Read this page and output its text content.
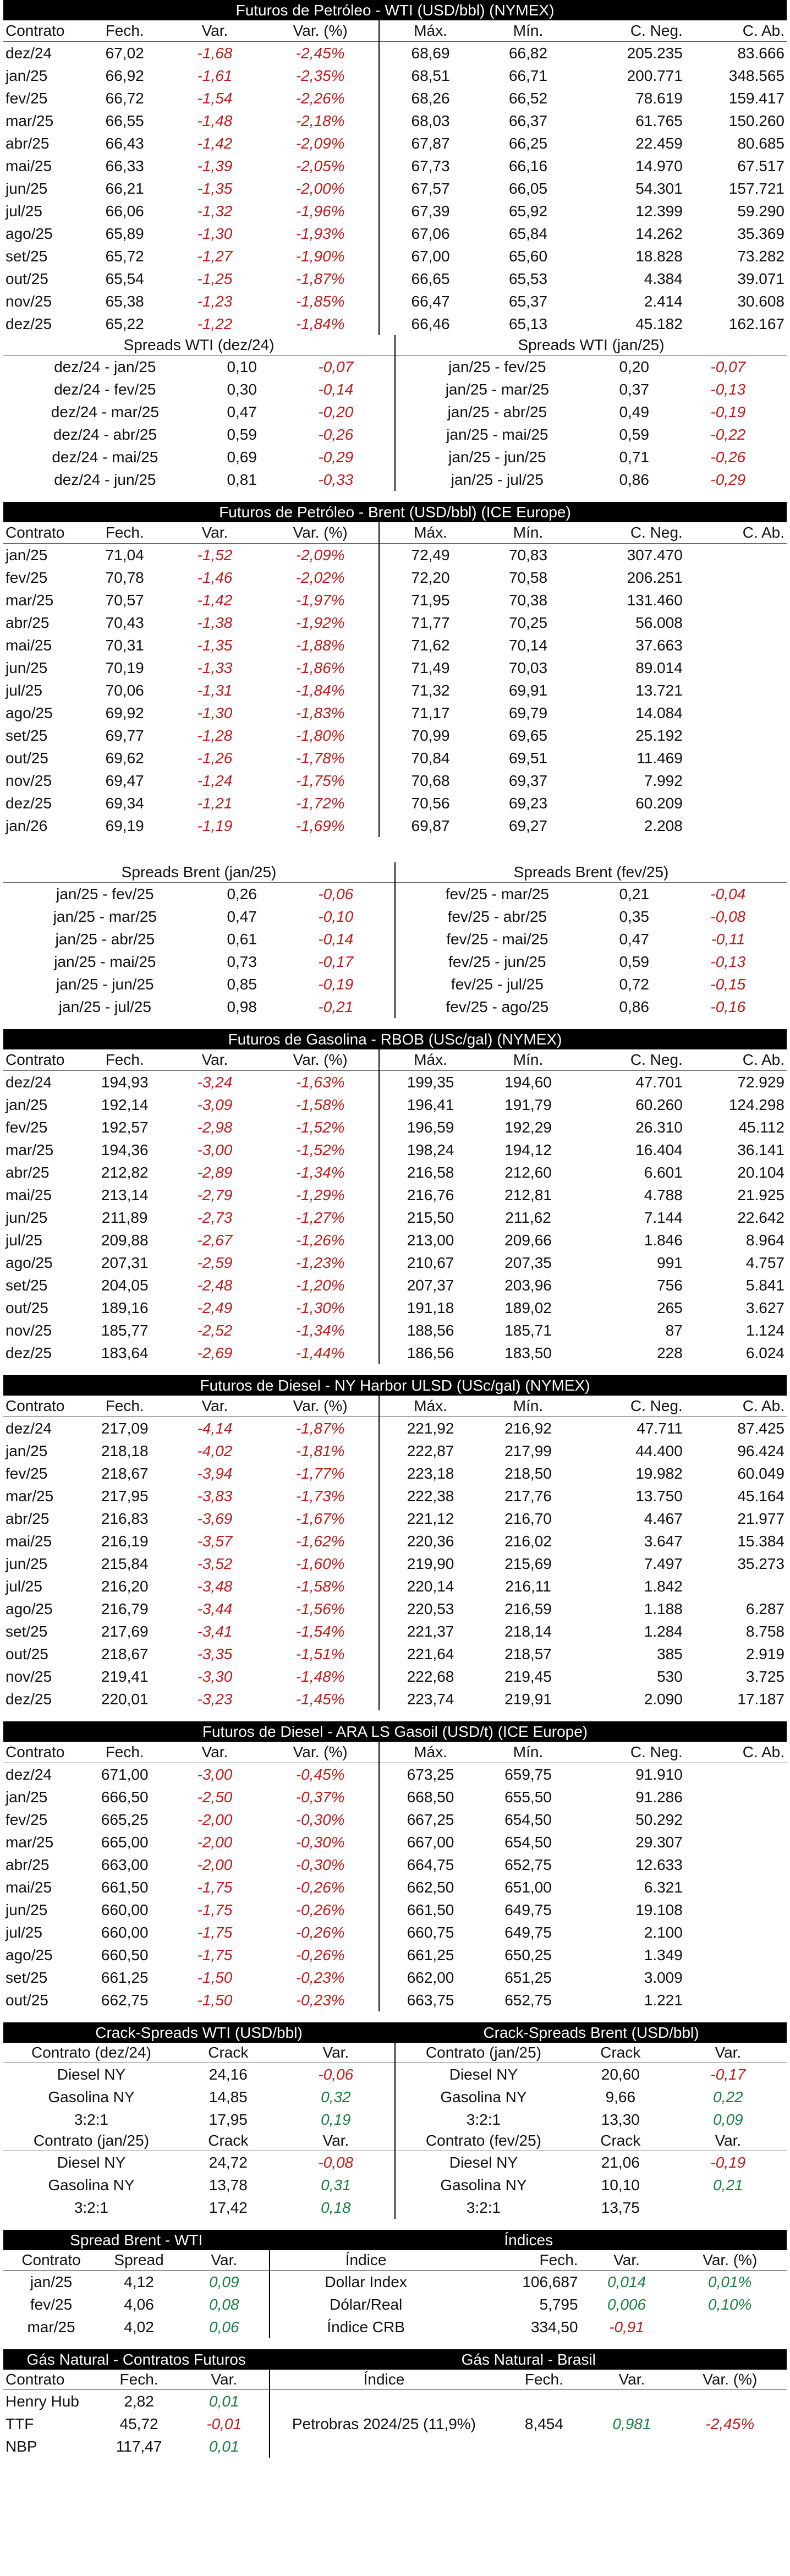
Futuros de Petróleo - WTI (USD/bbl) (NYMEX)
Contrato	Fech.	Var.	Var. (%)	Máx.	Mín.	C. Neg.	C. Ab.
dez/24	67,02	-1,68	-2,45%	68,69	66,82	205.235	83.666
jan/25	66,92	-1,61	-2,35%	68,51	66,71	200.771	348.565
fev/25	66,72	-1,54	-2,26%	68,26	66,52	78.619	159.417
mar/25	66,55	-1,48	-2,18%	68,03	66,37	61.765	150.260
abr/25	66,43	-1,42	-2,09%	67,87	66,25	22.459	80.685
mai/25	66,33	-1,39	-2,05%	67,73	66,16	14.970	67.517
jun/25	66,21	-1,35	-2,00%	67,57	66,05	54.301	157.721
jul/25	66,06	-1,32	-1,96%	67,39	65,92	12.399	59.290
ago/25	65,89	-1,30	-1,93%	67,06	65,84	14.262	35.369
set/25	65,72	-1,27	-1,90%	67,00	65,60	18.828	73.282
out/25	65,54	-1,25	-1,87%	66,65	65,53	4.384	39.071
nov/25	65,38	-1,23	-1,85%	66,47	65,37	2.414	30.608
dez/25	65,22	-1,22	-1,84%	66,46	65,13	45.182	162.167
Spreads WTI (dez/24)
dez/24 - jan/25	0,10	-0,07
dez/24 - fev/25	0,30	-0,14
dez/24 - mar/25	0,47	-0,20
dez/24 - abr/25	0,59	-0,26
dez/24 - mai/25	0,69	-0,29
dez/24 - jun/25	0,81	-0,33
Spreads WTI (jan/25)
jan/25 - fev/25	0,20	-0,07
jan/25 - mar/25	0,37	-0,13
jan/25 - abr/25	0,49	-0,19
jan/25 - mai/25	0,59	-0,22
jan/25 - jun/25	0,71	-0,26
jan/25 - jul/25	0,86	-0,29
Futuros de Petróleo - Brent (USD/bbl) (ICE Europe)
Contrato	Fech.	Var.	Var. (%)	Máx.	Mín.	C. Neg.	C. Ab.
jan/25	71,04	-1,52	-2,09%	72,49	70,83	307.470	
fev/25	70,78	-1,46	-2,02%	72,20	70,58	206.251	
mar/25	70,57	-1,42	-1,97%	71,95	70,38	131.460	
abr/25	70,43	-1,38	-1,92%	71,77	70,25	56.008	
mai/25	70,31	-1,35	-1,88%	71,62	70,14	37.663	
jun/25	70,19	-1,33	-1,86%	71,49	70,03	89.014	
jul/25	70,06	-1,31	-1,84%	71,32	69,91	13.721	
ago/25	69,92	-1,30	-1,83%	71,17	69,79	14.084	
set/25	69,77	-1,28	-1,80%	70,99	69,65	25.192	
out/25	69,62	-1,26	-1,78%	70,84	69,51	11.469	
nov/25	69,47	-1,24	-1,75%	70,68	69,37	7.992	
dez/25	69,34	-1,21	-1,72%	70,56	69,23	60.209	
jan/26	69,19	-1,19	-1,69%	69,87	69,27	2.208	
Spreads Brent (jan/25)
jan/25 - fev/25	0,26	-0,06
jan/25 - mar/25	0,47	-0,10
jan/25 - abr/25	0,61	-0,14
jan/25 - mai/25	0,73	-0,17
jan/25 - jun/25	0,85	-0,19
jan/25 - jul/25	0,98	-0,21
Spreads Brent (fev/25)
fev/25 - mar/25	0,21	-0,04
fev/25 - abr/25	0,35	-0,08
fev/25 - mai/25	0,47	-0,11
fev/25 - jun/25	0,59	-0,13
fev/25 - jul/25	0,72	-0,15
fev/25 - ago/25	0,86	-0,16
Futuros de Gasolina - RBOB (USc/gal) (NYMEX)
Contrato	Fech.	Var.	Var. (%)	Máx.	Mín.	C. Neg.	C. Ab.
dez/24	194,93	-3,24	-1,63%	199,35	194,60	47.701	72.929
jan/25	192,14	-3,09	-1,58%	196,41	191,79	60.260	124.298
fev/25	192,57	-2,98	-1,52%	196,59	192,29	26.310	45.112
mar/25	194,36	-3,00	-1,52%	198,24	194,12	16.404	36.141
abr/25	212,82	-2,89	-1,34%	216,58	212,60	6.601	20.104
mai/25	213,14	-2,79	-1,29%	216,76	212,81	4.788	21.925
jun/25	211,89	-2,73	-1,27%	215,50	211,62	7.144	22.642
jul/25	209,88	-2,67	-1,26%	213,00	209,66	1.846	8.964
ago/25	207,31	-2,59	-1,23%	210,67	207,35	991	4.757
set/25	204,05	-2,48	-1,20%	207,37	203,96	756	5.841
out/25	189,16	-2,49	-1,30%	191,18	189,02	265	3.627
nov/25	185,77	-2,52	-1,34%	188,56	185,71	87	1.124
dez/25	183,64	-2,69	-1,44%	186,56	183,50	228	6.024
Futuros de Diesel - NY Harbor ULSD (USc/gal) (NYMEX)
Contrato	Fech.	Var.	Var. (%)	Máx.	Mín.	C. Neg.	C. Ab.
dez/24	217,09	-4,14	-1,87%	221,92	216,92	47.711	87.425
jan/25	218,18	-4,02	-1,81%	222,87	217,99	44.400	96.424
fev/25	218,67	-3,94	-1,77%	223,18	218,50	19.982	60.049
mar/25	217,95	-3,83	-1,73%	222,38	217,76	13.750	45.164
abr/25	216,83	-3,69	-1,67%	221,12	216,70	4.467	21.977
mai/25	216,19	-3,57	-1,62%	220,36	216,02	3.647	15.384
jun/25	215,84	-3,52	-1,60%	219,90	215,69	7.497	35.273
jul/25	216,20	-3,48	-1,58%	220,14	216,11	1.842	
ago/25	216,79	-3,44	-1,56%	220,53	216,59	1.188	6.287
set/25	217,69	-3,41	-1,54%	221,37	218,14	1.284	8.758
out/25	218,67	-3,35	-1,51%	221,64	218,57	385	2.919
nov/25	219,41	-3,30	-1,48%	222,68	219,45	530	3.725
dez/25	220,01	-3,23	-1,45%	223,74	219,91	2.090	17.187
Futuros de Diesel - ARA LS Gasoil (USD/t) (ICE Europe)
Contrato	Fech.	Var.	Var. (%)	Máx.	Mín.	C. Neg.	C. Ab.
dez/24	671,00	-3,00	-0,45%	673,25	659,75	91.910	
jan/25	666,50	-2,50	-0,37%	668,50	655,50	91.286	
fev/25	665,25	-2,00	-0,30%	667,25	654,50	50.292	
mar/25	665,00	-2,00	-0,30%	667,00	654,50	29.307	
abr/25	663,00	-2,00	-0,30%	664,75	652,75	12.633	
mai/25	661,50	-1,75	-0,26%	662,50	651,00	6.321	
jun/25	660,00	-1,75	-0,26%	661,50	649,75	19.108	
jul/25	660,00	-1,75	-0,26%	660,75	649,75	2.100	
ago/25	660,50	-1,75	-0,26%	661,25	650,25	1.349	
set/25	661,25	-1,50	-0,23%	662,00	651,25	3.009	
out/25	662,75	-1,50	-0,23%	663,75	652,75	1.221	
Crack-Spreads WTI (USD/bbl)
Contrato (dez/24)	Crack	Var.
Diesel NY	24,16	-0,06
Gasolina NY	14,85	0,32
3:2:1	17,95	0,19
Contrato (jan/25)	Crack	Var.
Diesel NY	24,72	-0,08
Gasolina NY	13,78	0,31
3:2:1	17,42	0,18
Crack-Spreads Brent (USD/bbl)
Contrato (jan/25)	Crack	Var.
Diesel NY	20,60	-0,17
Gasolina NY	9,66	0,22
3:2:1	13,30	0,09
Contrato (fev/25)	Crack	Var.
Diesel NY	21,06	-0,19
Gasolina NY	10,10	0,21
3:2:1	13,75	
Spread Brent - WTI
Contrato	Spread	Var.
jan/25	4,12	0,09
fev/25	4,06	0,08
mar/25	4,02	0,06
Índices
Índice	Fech.	Var.	Var. (%)
Dollar Index	106,687	0,014	0,01%
Dólar/Real	5,795	0,006	0,10%
Índice CRB	334,50	-0,91	
Gás Natural - Contratos Futuros
Contrato	Fech.	Var.
Henry Hub	2,82	0,01
TTF	45,72	-0,01
NBP	117,47	0,01
Gás Natural - Brasil
Índice	Fech.	Var.	Var. (%)

Petrobras 2024/25 (11,9%)	8,454	0,981	-2,45%
